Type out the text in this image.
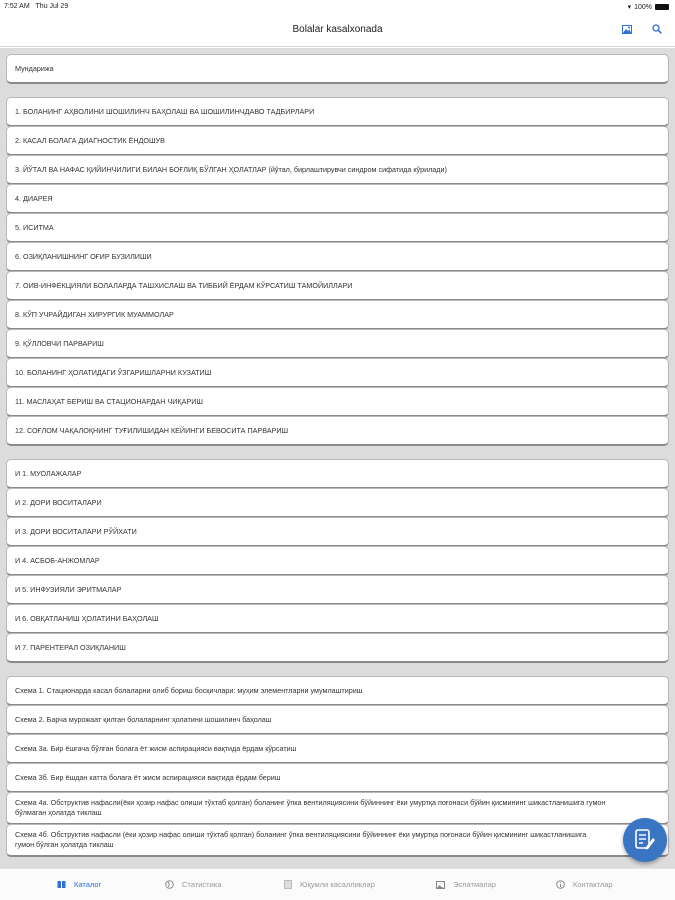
7:52 AM Thu Jul 29	▾ 100%
Bolalar kasalxonada
Мундарижа
1. БОЛАНИНГ АҲВОЛИНИ ШОШИЛИНЧ БАҲОЛАШ ВА ШОШИЛИНЧДАВО ТАДБИРЛАРИ
2. КАСАЛ БОЛАГА ДИАГНОСТИК ЁНДОШУВ
3. ЙЎТАЛ ВА НАФАС ҚИЙИНЧИЛИГИ БИЛАН БОҒЛИҚ БЎЛГАН ҲОЛАТЛАР (йўтал, бирлаштирувчи синдром сифатида кўрилади)
4. ДИАРЕЯ
5. ИСИТМА
6. ОЗИҚЛАНИШНИНГ ОҒИР БУЗИЛИШИ
7. ОИВ-ИНФЕКЦИЯЛИ БОЛАЛАРДА ТАШХИСЛАШ ВА ТИББИЙ ЁРДАМ КЎРСАТИШ ТАМОЙИЛЛАРИ
8. КЎП УЧРАЙДИГАН ХИРУРГИК МУАММОЛАР
9. ҚЎЛЛОВЧИ ПАРВАРИШ
10. БОЛАНИНГ ҲОЛАТИДАГИ ЎЗГАРИШЛАРНИ КУЗАТИШ
11. МАСЛАҲАТ БЕРИШ ВА СТАЦИОНАРДАН ЧИҚАРИШ
12. СОҒЛОМ ЧАҚАЛОҚНИНГ ТУҒИЛИШИДАН КЕЙИНГИ БЕВОСИТА ПАРВАРИШ
И 1. МУОЛАЖАЛАР
И 2. ДОРИ ВОСИТАЛАРИ
И 3. ДОРИ ВОСИТАЛАРИ РЎЙХАТИ
И 4. АСБОБ-АНЖОМЛАР
И 5. ИНФУЗИЯЛИ ЭРИТМАЛАР
И 6. ОВҚАТЛАНИШ ҲОЛАТИНИ БАҲОЛАШ
И 7. ПАРЕНТЕРАЛ ОЗИҚЛАНИШ
Схема 1. Стационарда касал болаларни олиб бориш босқичлари: муҳим элементларни умумлаштириш
Схема 2. Барча мурожаат қилган болаларнинг ҳолатини шошилинч баҳолаш
Схема 3а. Бир ёшгача бўлган болага ёт жисм аспирацияси вақтида ёрдам кўрсатиш
Схема 3б. Бир ёшдан катта болага ёт жисм аспирацияси вақтида ёрдам бериш
Схема 4а. Обструктив нафасли(ёки ҳозир нафас олиши тўхтаб қолган) боланинг ўпка вентиляциясини бўйиннинг ёки умуртқа поғонаси бўйин қисмининг шикастланишига гумон бўлмаган ҳолатда тиклаш
Схема 4б. Обструктив нафасли (ёки ҳозир нафас олиши тўхтаб қолган) боланинг ўпка вентиляциясини бўйиннинг ёки умуртқа поғонаси бўйин қисмининг шикастланишига гумон бўлган ҳолатда тиклаш
Каталог	Статистика	Юқумли касалликлар	Эслатмалар	Контактлар
